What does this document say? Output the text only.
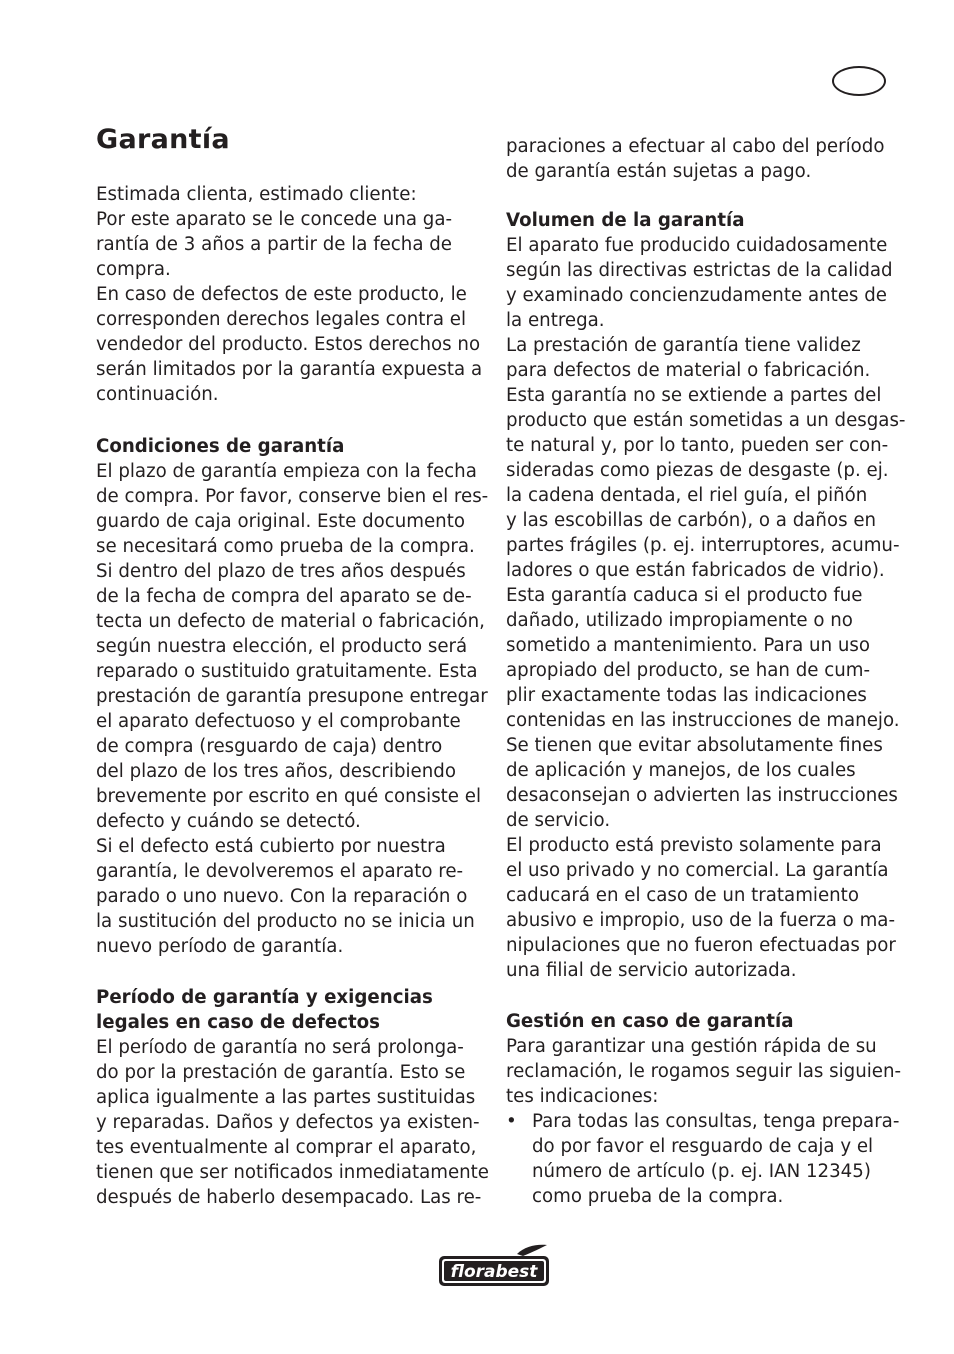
Garantía
Estimada clienta, estimado cliente:
Por este aparato se le concede una ga-
rantía de 3 años a partir de la fecha de
compra.
En caso de defectos de este producto, le
corresponden derechos legales contra el
vendedor del producto. Estos derechos no
serán limitados por la garantía expuesta a
continuación.
Condiciones de garantía
El plazo de garantía empieza con la fecha
de compra. Por favor, conserve bien el res-
guardo de caja original. Este documento
se necesitará como prueba de la compra.
Si dentro del plazo de tres años después
de la fecha de compra del aparato se de-
tecta un defecto de material o fabricación,
según nuestra elección, el producto será
reparado o sustituido gratuitamente. Esta
prestación de garantía presupone entregar
el aparato defectuoso y el comprobante
de compra (resguardo de caja) dentro
del plazo de los tres años, describiendo
brevemente por escrito en qué consiste el
defecto y cuándo se detectó.
Si el defecto está cubierto por nuestra
garantía, le devolveremos el aparato re-
parado o uno nuevo. Con la reparación o
la sustitución del producto no se inicia un
nuevo período de garantía.
Período de garantía y exigencias
legales en caso de defectos
El período de garantía no será prolonga-
do por la prestación de garantía. Esto se
aplica igualmente a las partes sustituidas
y reparadas. Daños y defectos ya existen-
tes eventualmente al comprar el aparato,
tienen que ser notificados inmediatamente
después de haberlo desempacado. Las re-
paraciones a efectuar al cabo del período
de garantía están sujetas a pago.
Volumen de la garantía
El aparato fue producido cuidadosamente
según las directivas estrictas de la calidad
y examinado concienzudamente antes de
la entrega.
La prestación de garantía tiene validez
para defectos de material o fabricación.
Esta garantía no se extiende a partes del
producto que están sometidas a un desgas-
te natural y, por lo tanto, pueden ser con-
sideradas como piezas de desgaste (p. ej.
la cadena dentada, el riel guía, el piñón
y las escobillas de carbón), o a daños en
partes frágiles (p. ej. interruptores, acumu-
ladores o que están fabricados de vidrio).
Esta garantía caduca si el producto fue
dañado, utilizado impropiamente o no
sometido a mantenimiento. Para un uso
apropiado del producto, se han de cum-
plir exactamente todas las indicaciones
contenidas en las instrucciones de manejo.
Se tienen que evitar absolutamente fines
de aplicación y manejos, de los cuales
desaconsejan o advierten las instrucciones
de servicio.
El producto está previsto solamente para
el uso privado y no comercial. La garantía
caducará en el caso de un tratamiento
abusivo e impropio, uso de la fuerza o ma-
nipulaciones que no fueron efectuadas por
una filial de servicio autorizada.
Gestión en caso de garantía
Para garantizar una gestión rápida de su
reclamación, le rogamos seguir las siguien-
tes indicaciones:
Para todas las consultas, tenga prepara-
•
do por favor el resguardo de caja y el
número de artículo (p. ej. IAN 12345)
como prueba de la compra.
florabest
